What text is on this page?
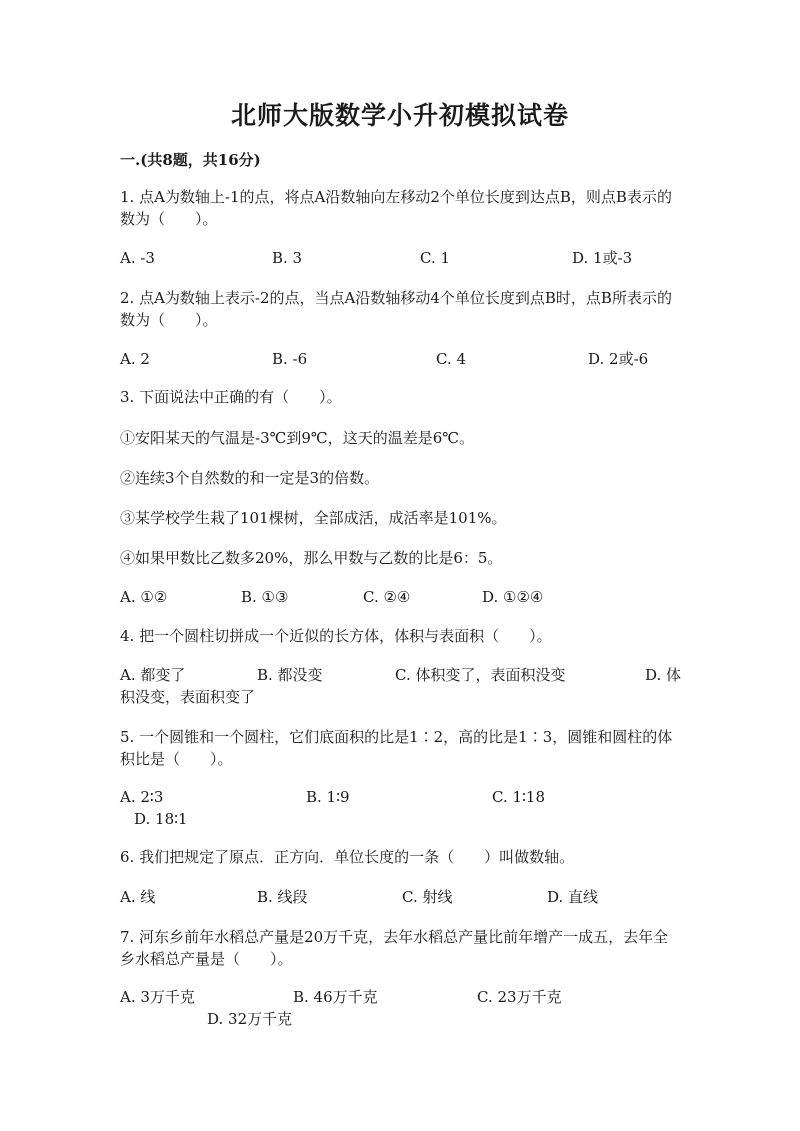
北师大版数学小升初模拟试卷
一.(共8题，共16分)
1. 点A为数轴上-1的点，将点A沿数轴向左移动2个单位长度到达点B，则点B表示的数为（　　）。
A. -3	B. 3	C. 1	D. 1或-3
2. 点A为数轴上表示-2的点，当点A沿数轴移动4个单位长度到点B时，点B所表示的数为（　　）。
A. 2	B. -6	C. 4	D. 2或-6
3. 下面说法中正确的有（　　）。
①安阳某天的气温是-3℃到9℃，这天的温差是6℃。
②连续3个自然数的和一定是3的倍数。
③某学校学生栽了101棵树，全部成活，成活率是101%。
④如果甲数比乙数多20%，那么甲数与乙数的比是6：5。
A. ①②	B. ①③	C. ②④	D. ①②④
4. 把一个圆柱切拼成一个近似的长方体，体积与表面积（　　）。
A. 都变了	B. 都没变	C. 体积变了，表面积没变	D. 体
积没变，表面积变了
5. 一个圆锥和一个圆柱，它们底面积的比是1∶2，高的比是1∶3，圆锥和圆柱的体积比是（　　）。
A. 2∶3	B. 1∶9	C. 1∶18
D. 18∶1
6. 我们把规定了原点．正方向．单位长度的一条（　　）叫做数轴。
A. 线	B. 线段	C. 射线	D. 直线
7. 河东乡前年水稻总产量是20万千克，去年水稻总产量比前年增产一成五，去年全乡水稻总产量是（　　）。
A. 3万千克	B. 46万千克	C. 23万千克
D. 32万千克
